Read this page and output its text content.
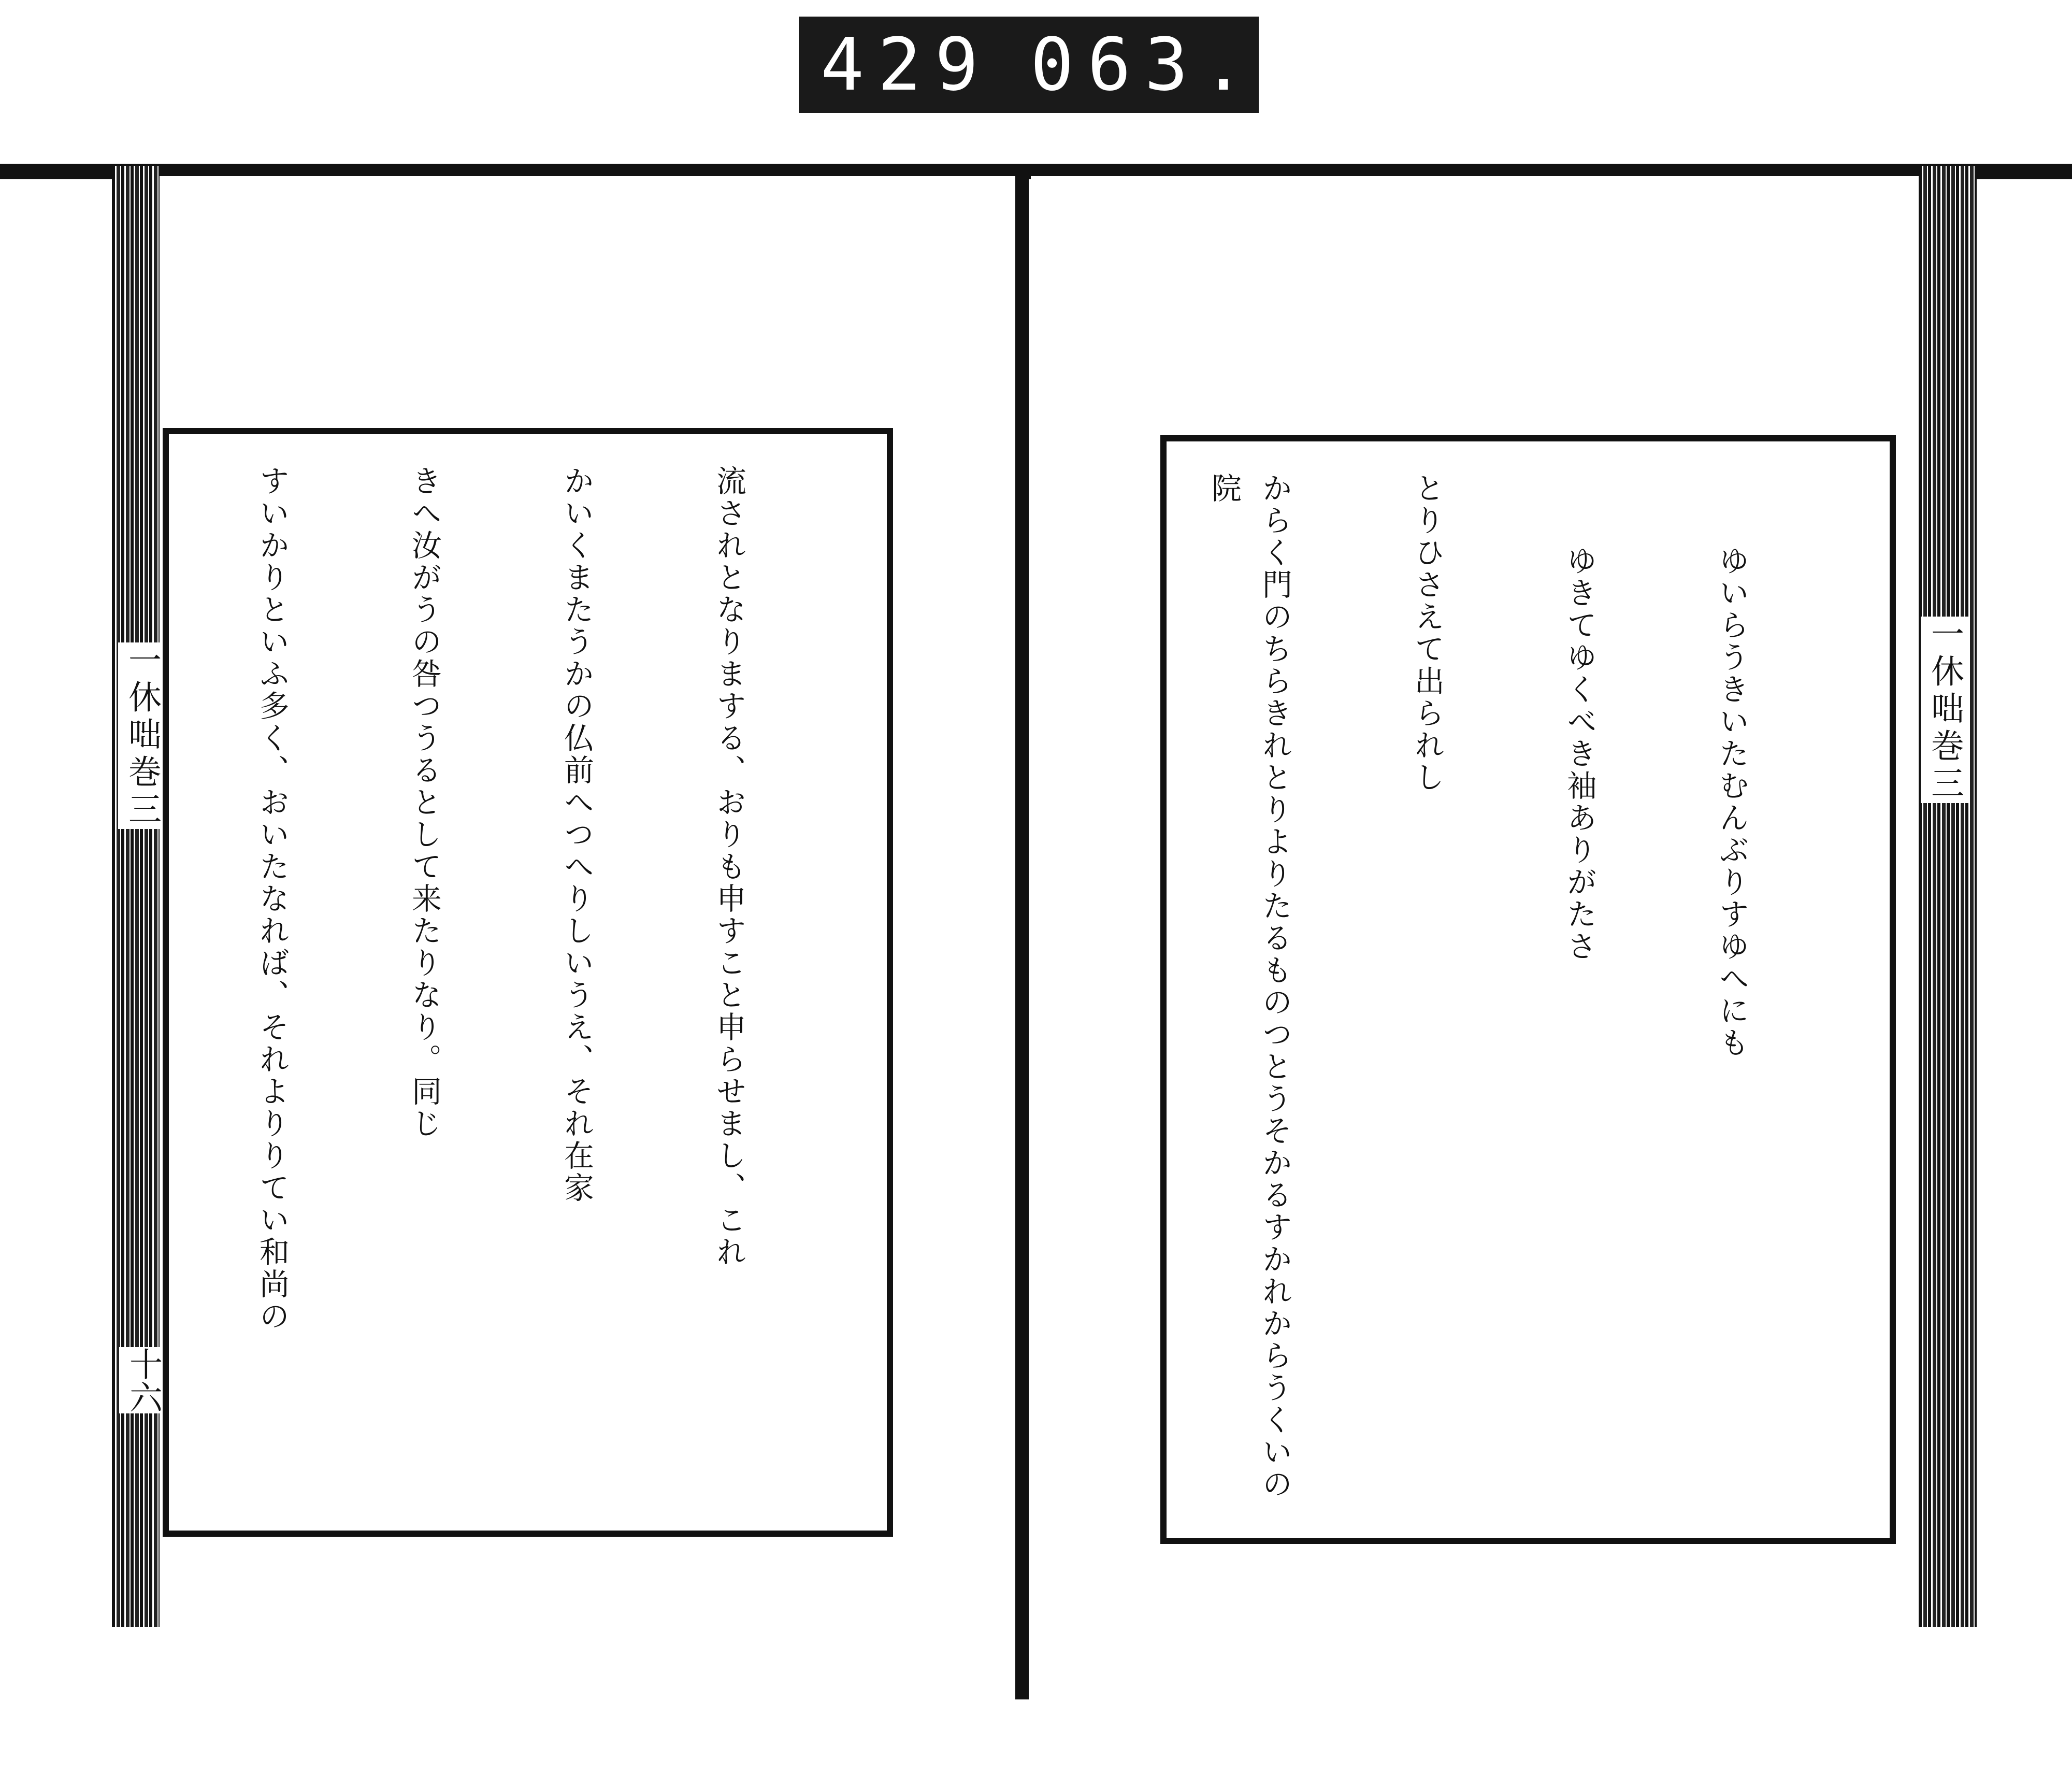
429 063.
一休咄巻三
十六
一休咄巻三

流されとなりまする、おりも申すこと申らせまし、これ

かいくまたうかの仏前へつへりしいうえ、それ在家

きへ汝がうの咎つうるとして来たりなり。同じ

すいかりといふ多く、おいたなれば、それよりりてい和尚の

	ゆいらうきいたむんぶりすゆへにも

ゆきてゆくべき袖ありがたさ

とりひさえて出られし

からく門のちらきれとりよりたるものつとうそかるすかれからうくいの院
